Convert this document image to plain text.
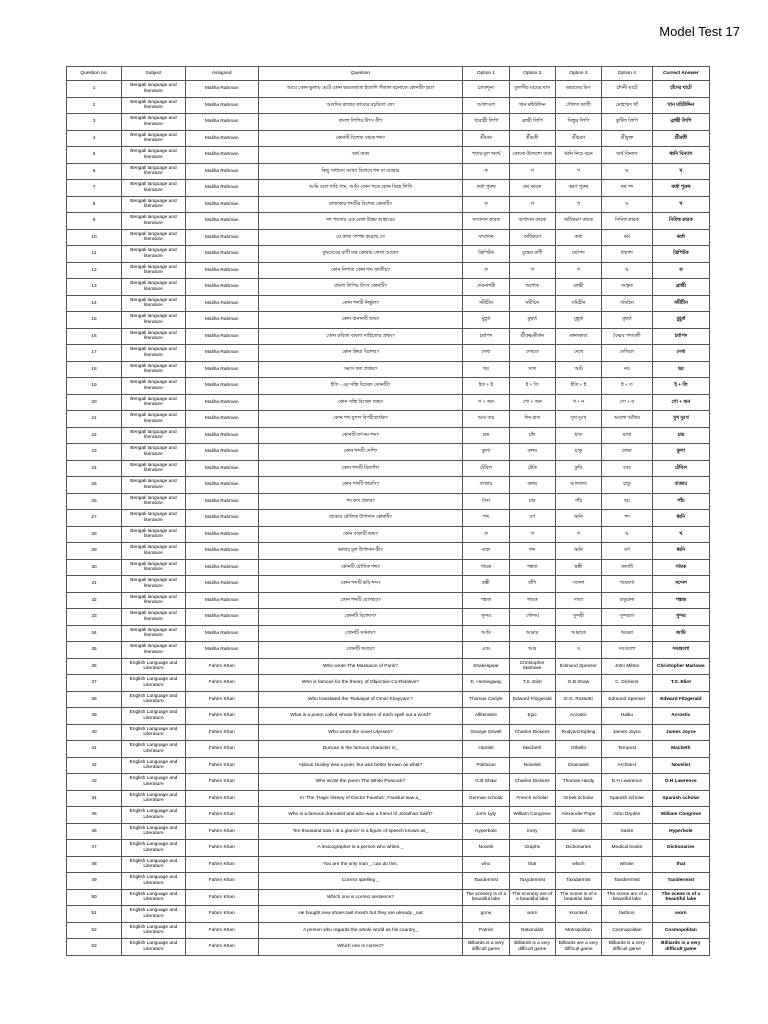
Model Test 17
Question no.	Subject	Assigned	Question	Option 1	Option 2	Option 3	Option 4	Correct Answer
1	Bengali language and literature	Maliha Rahman	আয়ে কোন ভুলায় মেটে কোন ভারতমাতা ইত্যাদি গঁজাল বচনাকে কোনটি? হয়?	চ্যাকশূন্য	তুলসীর মায়ের মাস	ভারতের মিস	চাঁদনী ঘাটে	চাঁদের ঘাটে
2	Bengali language and literature	Maliha Rahman	আবদির রাজার কাব্যের রচয়িতা কে?	আলাওল	খান মহিউদ্দিন	দৌলত কাজী	মোহাম্মদ খাঁ	খান মহিউদ্দিন
3	Bengali language and literature	Maliha Rahman	বাংলা লিপির উৎস কী?	খরোষ্ঠী লিপি	ব্রাহ্মী লিপি	সিন্ধুর লিপি	কুটিল লিপি	ব্রাহ্মী লিপি
4	Bengali language and literature	Maliha Rahman	কোনটি বিশেষ্য বাচক শব্দ?	শ্রীমান	শ্রীমতী	শ্রীচরণ	শ্রীযুক্ত	শ্রীমতী
5	Bengali language and literature	Maliha Rahman	অর্থ বাক্য	পদের মূল অর্থে	কোনো উদ্দেশ্যে বাক্য	ধ্বনি নিয়ে বচন	অর্থ বিন্যাস	ধ্বনি বিন্যাস
6	Bengali language and literature	Maliha Rahman	কিছু সাধারণ সংখ্যা বিশেষে শব্দ বা ব্যবহার	ক	খ	গ	ঘ	খ
7	Bengali language and literature	Maliha Rahman	আমি বলে গাহি গান, আমি কোন পত্রে কোন বিরহ লিখি	কর্তা পুরুষ	কর্ম কারক	করণ পুরুষ	কর্ম পদ	কর্তা পুরুষ
8	Bengali language and literature	Maliha Rahman	রাজাকার শব্দটির বিশেষ্য কোনটি?	ক	খ	গ	ঘ	খ
9	Bengali language and literature	Maliha Rahman	দশ পয়সায় এক বেলা উত্তম আহারের	সম্প্রদান কারক	অপাদান কারক	অধিকরণ কারক	নিমিত্ত কারক	নিমিত্ত কারক
10	Bengali language and literature	Maliha Rahman	যে কাজ সম্পন্ন করেছে সে	সম্প্রদান	অধিকরণ	কর্তা	কর্ম	কর্তা
11	Bengali language and literature	Maliha Rahman	বুদ্ধদেবের বাণী মন্ত্র কোথায় লেখা আছে?	ত্রিপিটক	বুদ্ধের বাণী	চর্যাপদ	ধম্মপদ	ত্রিপিটক
12	Bengali language and literature	Maliha Rahman	কোন নিপাত কোন শব্দ জাতীয়?	ক	খ	গ	ঘ	ক
13	Bengali language and literature	Maliha Rahman	বাংলা লিপির উৎস কোনটি?	দেবনাগরী	অশোক	ব্রাহ্মী	সংস্কৃত	ব্রাহ্মী
14	Bengali language and literature	Maliha Rahman	কোন শব্দটি নির্ভুল?	সমীচীন	সমীচিন	সমিচীন	সমিচিন	সমীচীন
15	Bengali language and literature	Maliha Rahman	কোন বানানটি শুদ্ধ?	মুহূর্ত	মুহুর্ত	মুহূর্ত্ত	মূহুর্ত	মুহূর্ত
16	Bengali language and literature	Maliha Rahman	কোন কবিতা বাংলা সাহিত্যের প্রথম?	চর্যাপদ	শ্রীকৃষ্ণকীর্তন	মঙ্গলকাব্য	বৈষ্ণব পদাবলী	চর্যাপদ
17	Bengali language and literature	Maliha Rahman	কোন ক্রিয়া বিশেষ্য?	দেখা	দেখতে	দেখে	দেখিলে	দেখা
18	Bengali language and literature	Maliha Rahman	সমাস কত প্রকার?	ছয়	সাত	আট	নয়	ছয়
19	Bengali language and literature	Maliha Rahman	ইতি - এর সন্ধি বিচ্ছেদ কোনটি?	ইত + ই	ই + তি	ইতি + ই	ই + ত	ই + তি
20	Bengali language and literature	Maliha Rahman	কোন সন্ধি বিচ্ছেদ শুদ্ধ?	গ + অন	গো + অন	গ + ন	গো + ন	গো + অন
21	Bengali language and literature	Maliha Rahman	কোন শব্দ যুগল বিপরীতার্থক?	আয় ব্যয়	দিন রাত	সুখ দুঃখ	আলো আঁধার	সুখ দুঃখ
22	Bengali language and literature	Maliha Rahman	কোনটি তৎসম শব্দ?	চন্দ্র	চাঁদ	হাত	মাথা	চন্দ্র
23	Bengali language and literature	Maliha Rahman	কোন শব্দটি দেশি?	কুলা	কলম	চাকু	চশমা	কুলা
24	Bengali language and literature	Maliha Rahman	কোন শব্দটি বিদেশি?	টেবিল	ঢেঁকি	কুড়ি	ডাব	টেবিল
25	Bengali language and literature	Maliha Rahman	কোন শব্দটি ফারসি?	বাজার	কলম	আদালত	চাকু	বাজার
26	Bengali language and literature	Maliha Rahman	পদ কত প্রকার?	তিন	চার	পাঁচ	ছয়	পাঁচ
27	Bengali language and literature	Maliha Rahman	বাক্যের মৌলিক উপাদান কোনটি?	শব্দ	বর্ণ	ধ্বনি	পদ	ধ্বনি
28	Bengali language and literature	Maliha Rahman	কোন বাক্যটি শুদ্ধ?	ক	খ	গ	ঘ	খ
29	Bengali language and literature	Maliha Rahman	ভাষার মূল উপাদান কী?	বাক্য	শব্দ	ধ্বনি	বর্ণ	ধ্বনি
30	Bengali language and literature	Maliha Rahman	কোনটি যৌগিক শব্দ?	গায়ক	পঙ্কজ	হস্তী	জলধি	গায়ক
31	Bengali language and literature	Maliha Rahman	কোন শব্দটি রূঢ়ি শব্দ?	হস্তী	বাঁশি	সন্দেশ	গবেষণা	সন্দেশ
32	Bengali language and literature	Maliha Rahman	কোন শব্দটি যোগরূঢ়?	পঙ্কজ	গায়ক	দাতা	বাবুয়ানা	পঙ্কজ
33	Bengali language and literature	Maliha Rahman	কোনটি বিশেষণ?	সুন্দর	সৌন্দর্য	সুন্দরী	সুন্দরতা	সুন্দর
34	Bengali language and literature	Maliha Rahman	কোনটি সর্বনাম?	আমি	আমার	আমাকে	আমরা	আমি
35	Bengali language and literature	Maliha Rahman	কোনটি অব্যয়?	এবং	আর	ও	সবগুলো	সবগুলো
36	English Language and Literature	Fahim Khan	Who wrote The Massacre of Paris?	Shakespear	Christopher Marlowe	Edmund Spenser	John Milton	Christopher Marlowe
37	English Language and Literature	Fahim Khan	Who is famous for the theory of Objective Co-Relative?	E. Hemingway	T.S. Eliot	G.B Shaw	C. Dickens	T.S. Eliot
38	English Language and Literature	Fahim Khan	Who translated the 'Rubaiyat of Omar Khayyam'?	Thomas Carlyle	Edward Fitzgerald	D.G. Rossetti	Edmund Spenser	Edward Fitzgerald
39	English Language and Literature	Fahim Khan	What is a poem called whose first letters of each spell out a word?	Alliterative	Epic	Acrostic	Haiku	Acrostic
40	English Language and Literature	Fahim Khan	Who wrote the novel Ulysses?	George Orwell	Charles Dickens	Rudyard Kipling	James Joyce	James Joyce
41	English Language and Literature	Fahim Khan	Duncan is the famous character in_	Hamlet	Macbeth	Othello	Tempest	Macbeth
42	English Language and Literature	Fahim Khan	Aldous Huxley was a poet, but was better known as what?	Politician	Novelist	Dramatist	Architect	Novelist
43	English Language and Literature	Fahim Khan	Who wrote the poem The White Peacock?	G.B Shaw	Charles Dickens	Thomas Hardy	D.H Lawrence	D.H Lawrence
44	English Language and Literature	Fahim Khan	In 'The Tragic history of Doctor Faustus', Faustus was a_	German scholar	French scholar	Greek scholar	Spanish scholar	Spanish scholar
45	English Language and Literature	Fahim Khan	Who is a famous dramatist and also was a friend of Jonathan Swift?	John Lyly	William Congreve	Alexander Pope	John Dryden	William Congreve
46	English Language and Literature	Fahim Khan	Ten thousand saw I at a glance' is a figure of speech known as_	Hyperbole	Irony	Simile	Satire	Hyperbole
47	English Language and Literature	Fahim Khan	A lexicographer is a person who writes _	Novels	Graphs	Dictionaries	Medical books	Dictionaries
48	English Language and Literature	Fahim Khan	You are the only man _ can do this.	who	that	which	whose	that
49	English Language and Literature	Fahim Khan	Correct spelling _	Taxidermist	Taxydermist	Taxidarmist	Taxiderrmist	Taxidermist
50	English Language and Literature	Fahim Khan	Which one is correct sentence?	The scenery is of a beautiful lake	The scenery are of a beautiful lake	The scene is of a beautiful lake	The scene are of a beautiful lake	The scene is of a beautiful lake
51	English Language and Literature	Fahim Khan	He bought new shoes last month but they are already _out	gone	worn	knocked	fashion	worn
52	English Language and Literature	Fahim Khan	A person who regards the whole world as his country_	Patriot	Nationalist	Metropolitan	Cosmopolitan	Cosmopolitan
53	English Language and Literature	Fahim Khan	Which one is correct?	Billiards is a very difficult game	Billiards is a very difficult game	Billiards are a very difficult game	Billiards is a very difficult game	Billiards is a very difficult game
